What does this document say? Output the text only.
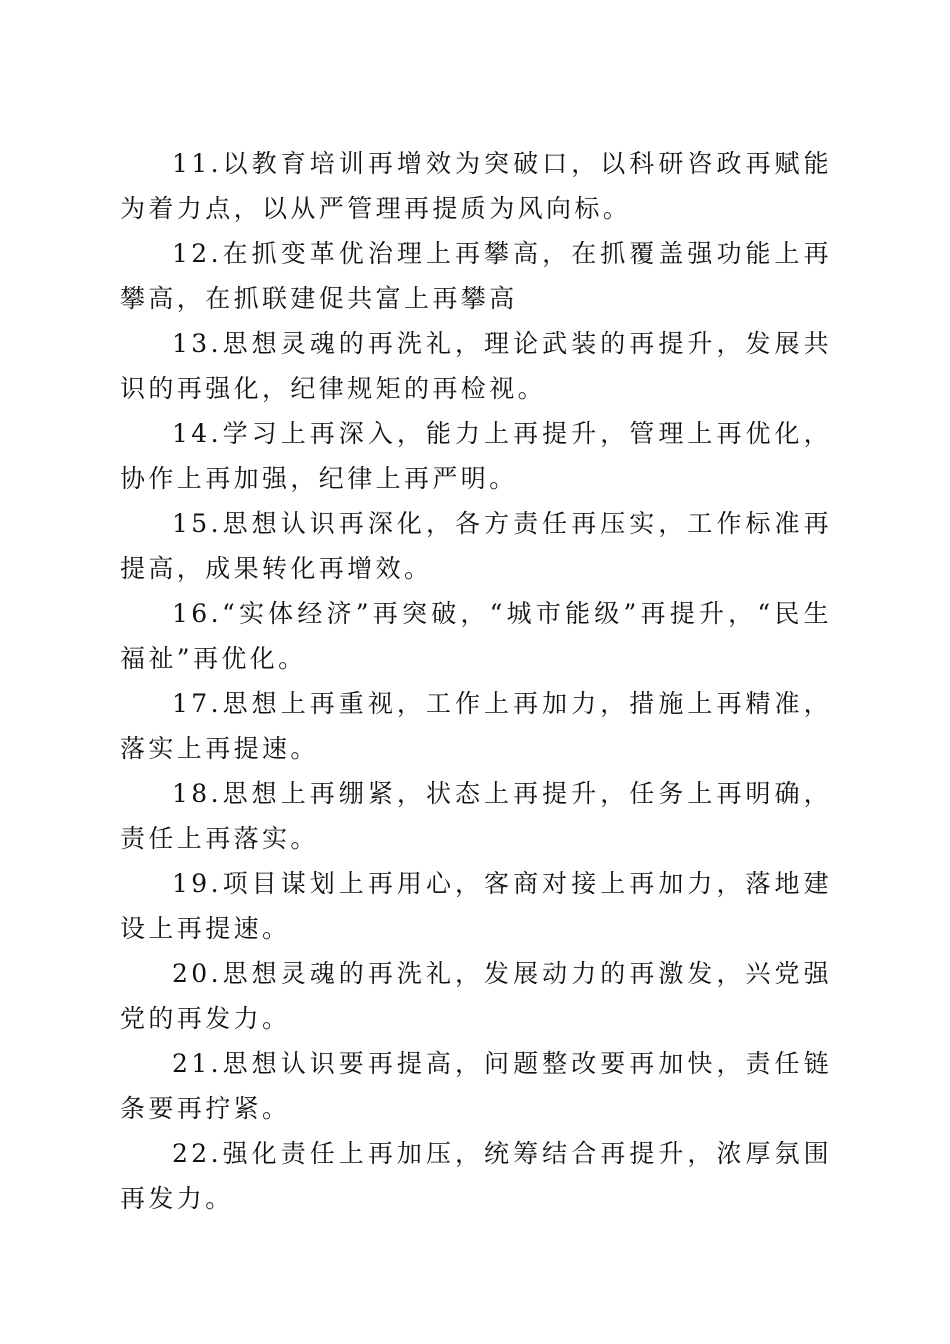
11.以教育培训再增效为突破口，以科研咨政再赋能为着力点，以从严管理再提质为风向标。

12.在抓变革优治理上再攀高，在抓覆盖强功能上再攀高，在抓联建促共富上再攀高

13.思想灵魂的再洗礼，理论武装的再提升，发展共识的再强化，纪律规矩的再检视。

14.学习上再深入，能力上再提升，管理上再优化，协作上再加强，纪律上再严明。

15.思想认识再深化，各方责任再压实，工作标准再提高，成果转化再增效。

16.“实体经济”再突破，“城市能级”再提升，“民生福祉”再优化。

17.思想上再重视，工作上再加力，措施上再精准，落实上再提速。

18.思想上再绷紧，状态上再提升，任务上再明确，责任上再落实。

19.项目谋划上再用心，客商对接上再加力，落地建设上再提速。

20.思想灵魂的再洗礼，发展动力的再激发，兴党强党的再发力。

21.思想认识要再提高，问题整改要再加快，责任链条要再拧紧。

22.强化责任上再加压，统筹结合再提升，浓厚氛围再发力。
